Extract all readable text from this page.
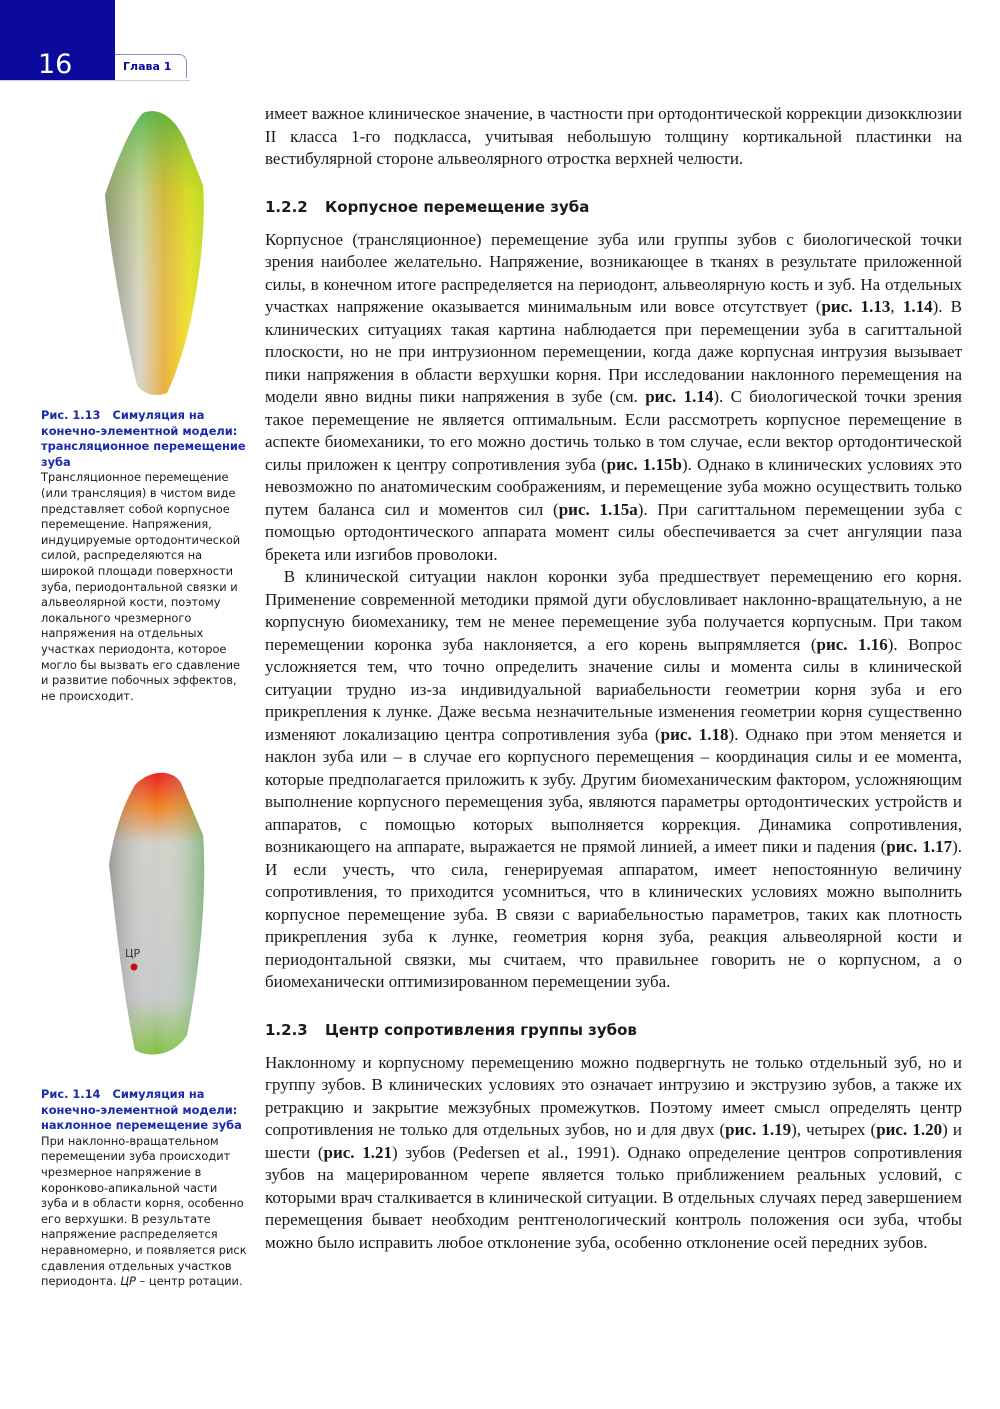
16	Глава 1
Рис. 1.13 Симуляция на конечно-элементной модели: трансляционное перемещение зуба
Трансляционное перемещение (или трансляция) в чистом виде представляет собой корпусное перемещение. Напряжения, индуцируемые ортодонтической силой, распределяются на широкой площади поверхности зуба, периодонтальной связки и альвеолярной кости, поэтому локального чрезмерного напряжения на отдельных участках периодонта, которое могло бы вызвать его сдавление и развитие побочных эффектов, не происходит.
ЦР
Рис. 1.14 Симуляция на конечно-элементной модели: наклонное перемещение зуба
При наклонно-вращательном перемещении зуба происходит чрезмерное напряжение в коронково-апикальной части зуба и в области корня, особенно его верхушки. В результате напряжение распределяется неравномерно, и появляется риск сдавления отдельных участков периодонта. ЦР – центр ротации.

имеет важное клиническое значение, в частности при ортодонтической коррекции дизокклюзии II класса 1-го подкласса, учитывая небольшую толщину кортикальной пластинки на вестибулярной стороне альвеолярного отростка верхней челюсти.

1.2.2 Корпусное перемещение зуба

Корпусное (трансляционное) перемещение зуба или группы зубов с биологической точки зрения наиболее желательно. Напряжение, возникающее в тканях в результате приложенной силы, в конечном итоге распределяется на периодонт, альвеолярную кость и зуб. На отдельных участках напряжение оказывается минимальным или вовсе отсутствует (рис. 1.13, 1.14). В клинических ситуациях такая картина наблюдается при перемещении зуба в сагиттальной плоскости, но не при интрузионном перемещении, когда даже корпусная интрузия вызывает пики напряжения в области верхушки корня. При исследовании наклонного перемещения на модели явно видны пики напряжения в зубе (см. рис. 1.14). С биологической точки зрения такое перемещение не является оптимальным. Если рассмотреть корпусное перемещение в аспекте биомеханики, то его можно достичь только в том случае, если вектор ортодонтической силы приложен к центру сопротивления зуба (рис. 1.15b). Однако в клинических условиях это невозможно по анатомическим соображениям, и перемещение зуба можно осуществить только путем баланса сил и моментов сил (рис. 1.15a). При сагиттальном перемещении зуба с помощью ортодонтического аппарата момент силы обеспечивается за счет ангуляции паза брекета или изгибов проволоки.

В клинической ситуации наклон коронки зуба предшествует перемещению его корня. Применение современной методики прямой дуги обусловливает наклонно-вращательную, а не корпусную биомеханику, тем не менее перемещение зуба получается корпусным. При таком перемещении коронка зуба наклоняется, а его корень выпрямляется (рис. 1.16). Вопрос усложняется тем, что точно определить значение силы и момента силы в клинической ситуации трудно из-за индивидуальной вариабельности геометрии корня зуба и его прикрепления к лунке. Даже весьма незначительные изменения геометрии корня существенно изменяют локализацию центра сопротивления зуба (рис. 1.18). Однако при этом меняется и наклон зуба или – в случае его корпусного перемещения – координация силы и ее момента, которые предполагается приложить к зубу. Другим биомеханическим фактором, усложняющим выполнение корпусного перемещения зуба, являются параметры ортодонтических устройств и аппаратов, с помощью которых выполняется коррекция. Динамика сопротивления, возникающего на аппарате, выражается не прямой линией, а имеет пики и падения (рис. 1.17). И если учесть, что сила, генерируемая аппаратом, имеет непостоянную величину сопротивления, то приходится усомниться, что в клинических условиях можно выполнить корпусное перемещение зуба. В связи с вариабельностью параметров, таких как плотность прикрепления зуба к лунке, геометрия корня зуба, реакция альвеолярной кости и периодонтальной связки, мы считаем, что правильнее говорить не о корпусном, а о биомеханически оптимизированном перемещении зуба.

1.2.3 Центр сопротивления группы зубов

Наклонному и корпусному перемещению можно подвергнуть не только отдельный зуб, но и группу зубов. В клинических условиях это означает интрузию и экструзию зубов, а также их ретракцию и закрытие межзубных промежутков. Поэтому имеет смысл определять центр сопротивления не только для отдельных зубов, но и для двух (рис. 1.19), четырех (рис. 1.20) и шести (рис. 1.21) зубов (Pedersen et al., 1991). Однако определение центров сопротивления зубов на мацерированном черепе является только приближением реальных условий, с которыми врач сталкивается в клинической ситуации. В отдельных случаях перед завершением перемещения бывает необходим рентгенологический контроль положения оси зуба, чтобы можно было исправить любое отклонение зуба, особенно отклонение осей передних зубов.
